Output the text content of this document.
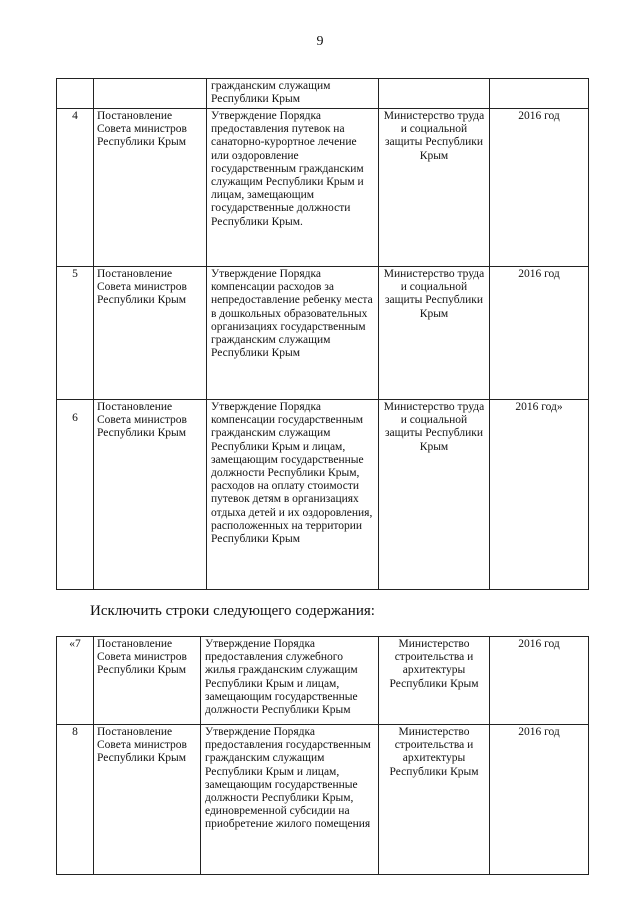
9
		гражданским служащим Республики Крым		
4	Постановление Совета министров Республики Крым	Утверждение Порядка предоставления путевок на санаторно-курортное лечение или оздоровление государственным гражданским служащим Республики Крым и лицам, замещающим государственные должности Республики Крым.	Министерство труда и социальной защиты Республики Крым	2016 год
5	Постановление Совета министров Республики Крым	Утверждение Порядка компенсации расходов за непредоставление ребенку места в дошкольных образовательных организациях государственным гражданским служащим Республики Крым	Министерство труда и социальной защиты Республики Крым	2016 год
6	Постановление Совета министров Республики Крым	Утверждение Порядка компенсации государственным гражданским служащим Республики Крым и лицам, замещающим государственные должности Республики Крым, расходов на оплату стоимости путевок детям в организациях отдыха детей и их оздоровления, расположенных на территории Республики Крым	Министерство труда и социальной защиты Республики Крым	2016 год»
Исключить строки следующего содержания:
«7	Постановление Совета министров Республики Крым	Утверждение Порядка предоставления служебного жилья гражданским служащим Республики Крым и лицам, замещающим государственные должности Республики Крым	Министерство строительства и архитектуры Республики Крым	2016 год
8	Постановление Совета министров Республики Крым	Утверждение Порядка предоставления государственным гражданским служащим Республики Крым и лицам, замещающим государственные должности Республики Крым, единовременной субсидии на приобретение жилого помещения	Министерство строительства и архитектуры Республики Крым	2016 год
